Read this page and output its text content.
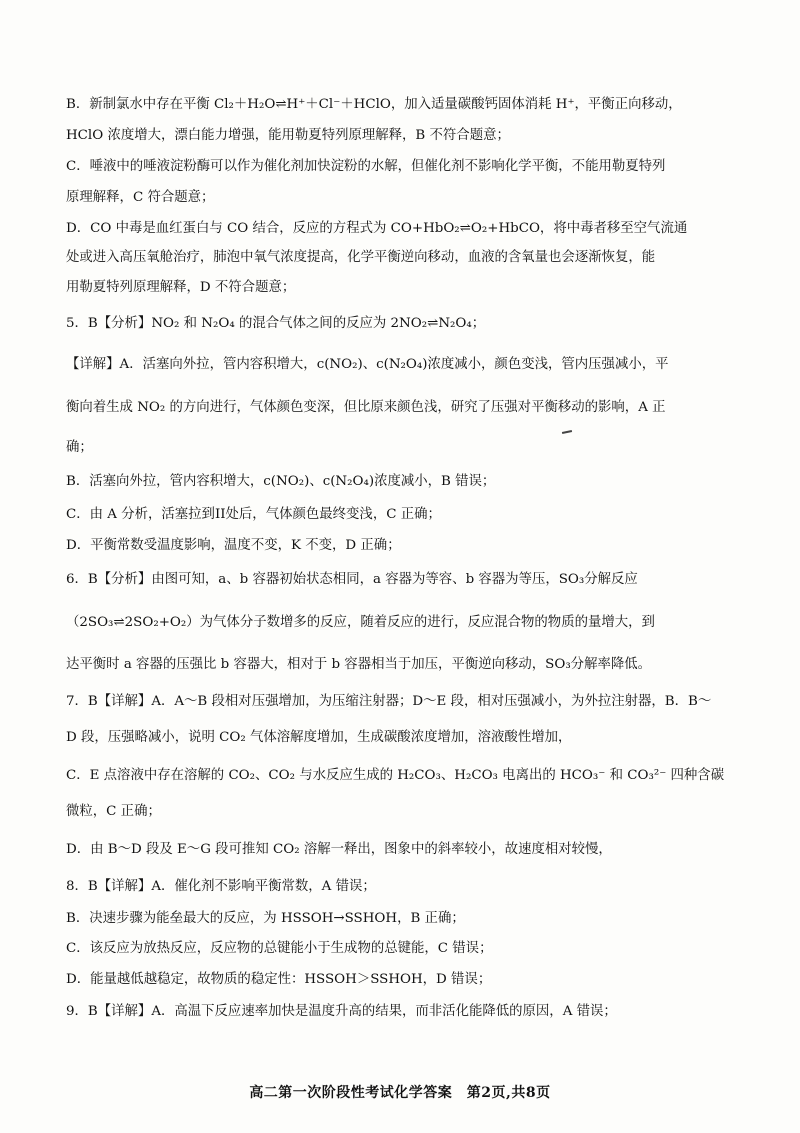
B．新制氯水中存在平衡 Cl₂＋H₂O⇌H⁺＋Cl⁻＋HClO，加入适量碳酸钙固体消耗 H⁺，平衡正向移动，
HClO 浓度增大，漂白能力增强，能用勒夏特列原理解释，B 不符合题意；
C．唾液中的唾液淀粉酶可以作为催化剂加快淀粉的水解，但催化剂不影响化学平衡，不能用勒夏特列
原理解释，C 符合题意；
D．CO 中毒是血红蛋白与 CO 结合，反应的方程式为 CO+HbO₂⇌O₂+HbCO，将中毒者移至空气流通
处或进入高压氧舱治疗，肺泡中氧气浓度提高，化学平衡逆向移动，血液的含氧量也会逐渐恢复，能
用勒夏特列原理解释，D 不符合题意；
5．B【分析】NO₂ 和 N₂O₄ 的混合气体之间的反应为 2NO₂⇌N₂O₄；
【详解】A．活塞向外拉，管内容积增大，c(NO₂)、c(N₂O₄)浓度减小，颜色变浅，管内压强减小，平
衡向着生成 NO₂ 的方向进行，气体颜色变深，但比原来颜色浅，研究了压强对平衡移动的影响，A 正
确；
B．活塞向外拉，管内容积增大，c(NO₂)、c(N₂O₄)浓度减小，B 错误；
C．由 A 分析，活塞拉到II处后，气体颜色最终变浅，C 正确；
D．平衡常数受温度影响，温度不变，K 不变，D 正确；
6．B【分析】由图可知，a、b 容器初始状态相同，a 容器为等容、b 容器为等压，SO₃分解反应
（2SO₃⇌2SO₂+O₂）为气体分子数增多的反应，随着反应的进行，反应混合物的物质的量增大，到
达平衡时 a 容器的压强比 b 容器大，相对于 b 容器相当于加压，平衡逆向移动，SO₃分解率降低。
7．B【详解】A．A～B 段相对压强增加，为压缩注射器；D～E 段，相对压强减小，为外拉注射器，B．B～
D 段，压强略减小，说明 CO₂ 气体溶解度增加，生成碳酸浓度增加，溶液酸性增加，
C．E 点溶液中存在溶解的 CO₂、CO₂ 与水反应生成的 H₂CO₃、H₂CO₃ 电离出的 HCO₃⁻ 和 CO₃²⁻ 四种含碳
微粒，C 正确；
D．由 B～D 段及 E～G 段可推知 CO₂ 溶解一释出，图象中的斜率较小，故速度相对较慢，
8．B【详解】A．催化剂不影响平衡常数，A 错误；
B．决速步骤为能垒最大的反应，为 HSSOH→SSHOH，B 正确；
C．该反应为放热反应，反应物的总键能小于生成物的总键能，C 错误；
D．能量越低越稳定，故物质的稳定性：HSSOH＞SSHOH，D 错误；
9．B【详解】A．高温下反应速率加快是温度升高的结果，而非活化能降低的原因，A 错误；
高二第一次阶段性考试化学答案　第2页,共8页
